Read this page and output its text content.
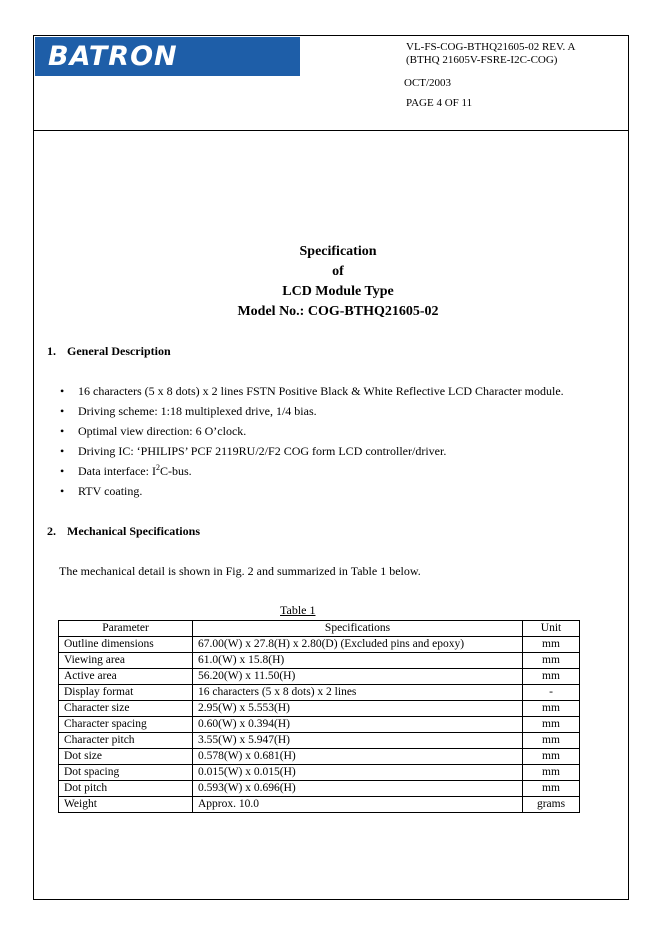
BATRON	VL-FS-COG-BTHQ21605-02 REV. A
(BTHQ 21605V-FSRE-I2C-COG)
OCT/2003
PAGE 4 OF 11
Specification
of
LCD Module Type
Model No.: COG-BTHQ21605-02
1. General Description
• 16 characters (5 x 8 dots) x 2 lines FSTN Positive Black & White Reflective LCD Character module.
• Driving scheme: 1:18 multiplexed drive, 1/4 bias.
• Optimal view direction: 6 O’clock.
• Driving IC: ‘PHILIPS’ PCF 2119RU/2/F2 COG form LCD controller/driver.
• Data interface: $I^2C$-bus.
• RTV coating.
2. Mechanical Specifications
The mechanical detail is shown in Fig. 2 and summarized in Table 1 below.
Table 1
Parameter	Specifications	Unit
Outline dimensions	67.00(W) x 27.8(H) x 2.80(D) (Excluded pins and epoxy)	mm
Viewing area	61.0(W) x 15.8(H)	mm
Active area	56.20(W) x 11.50(H)	mm
Display format	16 characters (5 x 8 dots) x 2 lines	-
Character size	2.95(W) x 5.553(H)	mm
Character spacing	0.60(W) x 0.394(H)	mm
Character pitch	3.55(W) x 5.947(H)	mm
Dot size	0.578(W) x 0.681(H)	mm
Dot spacing	0.015(W) x 0.015(H)	mm
Dot pitch	0.593(W) x 0.696(H)	mm
Weight	Approx. 10.0	grams
